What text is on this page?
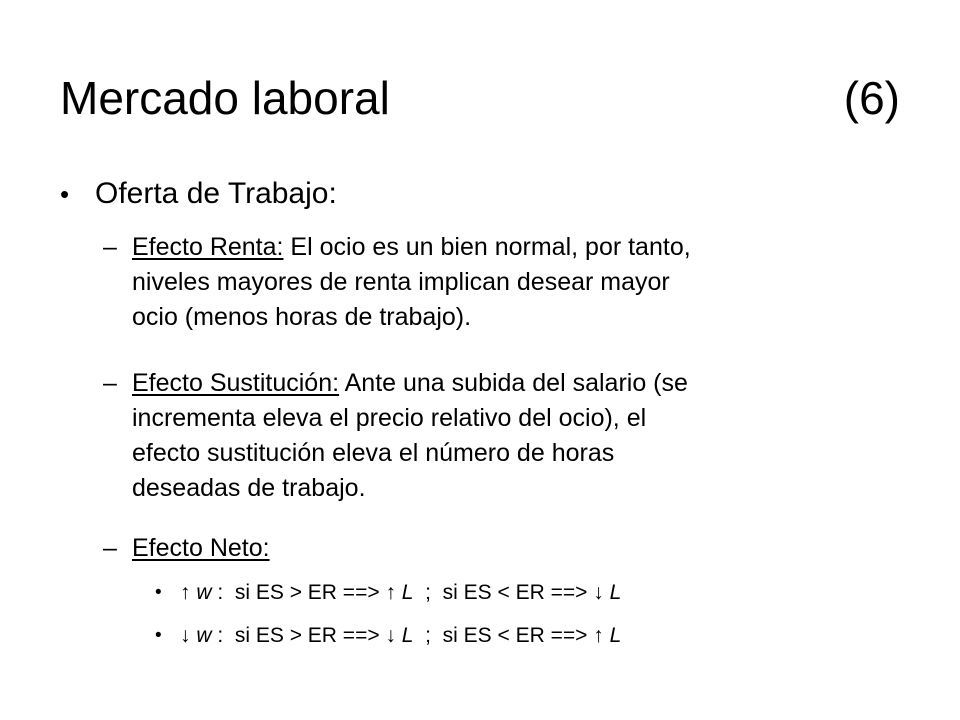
Mercado laboral	(6)
• Oferta de Trabajo:
– Efecto Renta: El ocio es un bien normal, por tanto,
niveles mayores de renta implican desear mayor
ocio (menos horas de trabajo).
– Efecto Sustitución: Ante una subida del salario (se
incrementa eleva el precio relativo del ocio), el
efecto sustitución eleva el número de horas
deseadas de trabajo.
– Efecto Neto:
• ↑ w :  si ES > ER ==> ↑ L  ;  si ES < ER ==> ↓ L
• ↓ w :  si ES > ER ==> ↓ L  ;  si ES < ER ==> ↑ L
